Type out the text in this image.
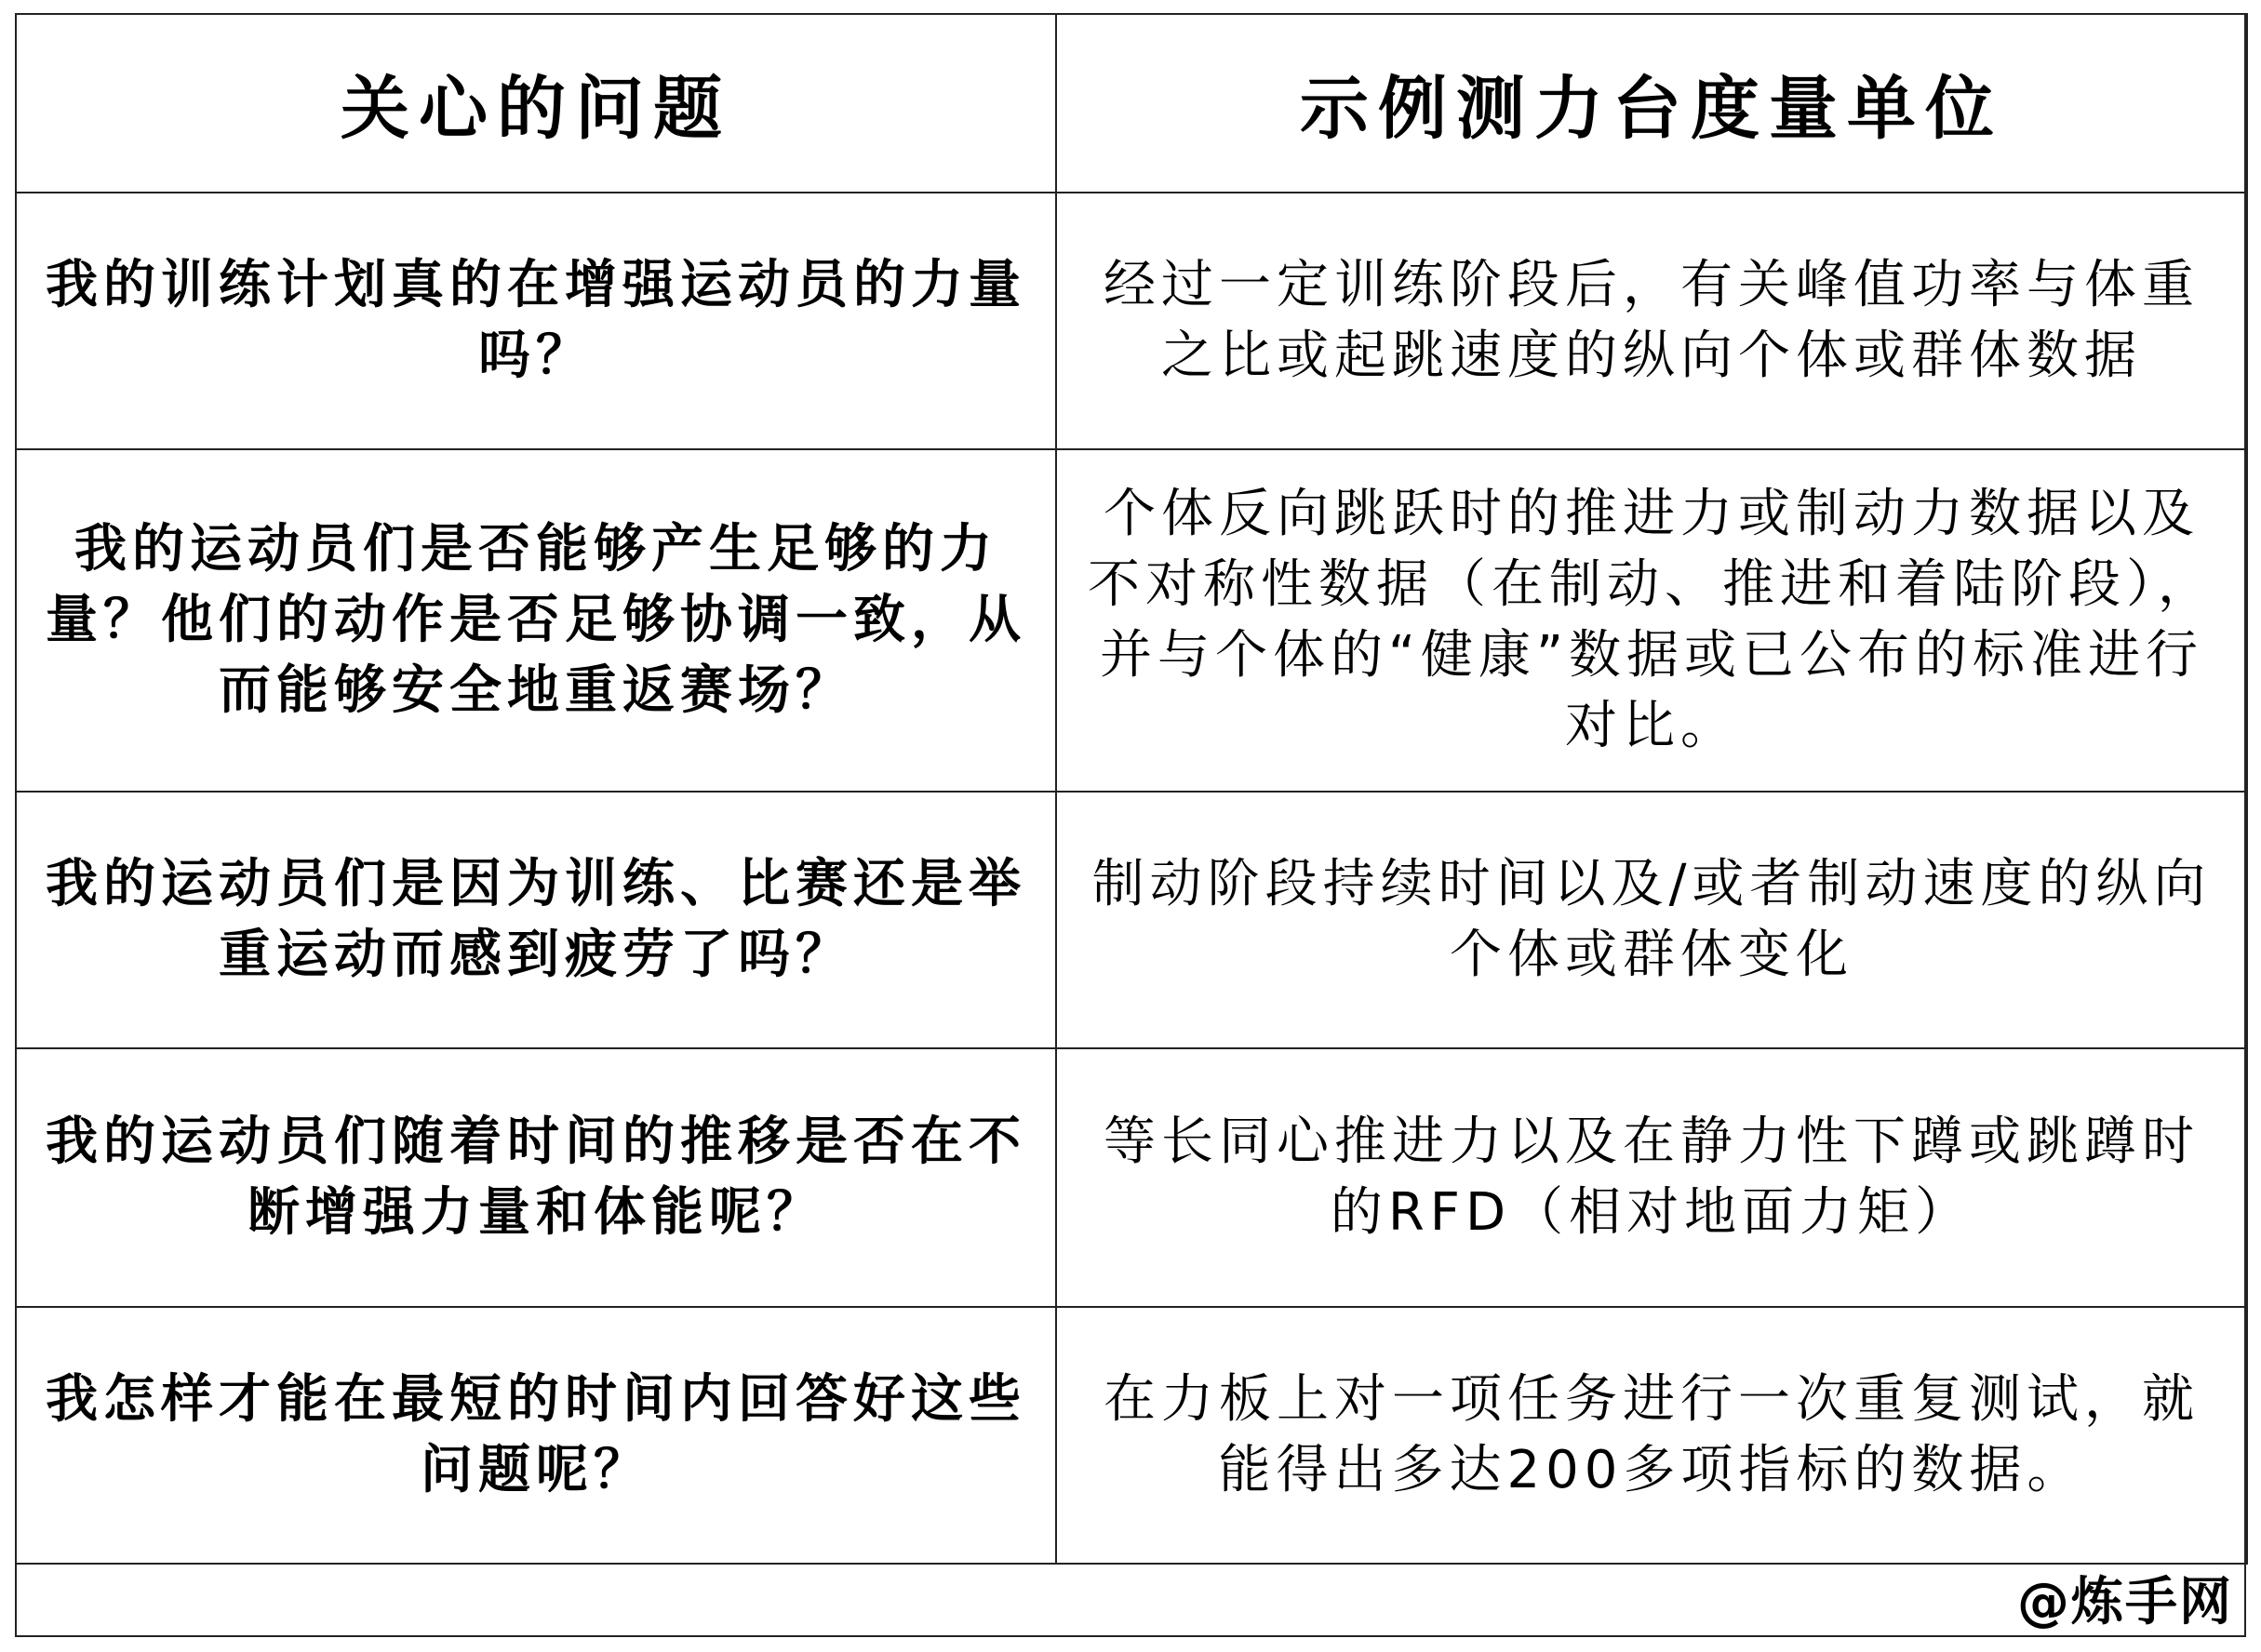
关心的问题	示例测力台度量单位
我的训练计划真的在增强运动员的力量吗？	经过一定训练阶段后，有关峰值功率与体重之比或起跳速度的纵向个体或群体数据
我的运动员们是否能够产生足够的力量？他们的动作是否足够协调一致，从而能够安全地重返赛场？	个体反向跳跃时的推进力或制动力数据以及不对称性数据（在制动、推进和着陆阶段），并与个体的“健康”数据或已公布的标准进行对比。
我的运动员们是因为训练、比赛还是举重运动而感到疲劳了吗？	制动阶段持续时间以及/或者制动速度的纵向个体或群体变化
我的运动员们随着时间的推移是否在不断增强力量和体能呢？	等长同心推进力以及在静力性下蹲或跳蹲时的RFD（相对地面力矩）
我怎样才能在最短的时间内回答好这些问题呢？	在力板上对一项任务进行一次重复测试，就能得出多达200多项指标的数据。
@炼手网
